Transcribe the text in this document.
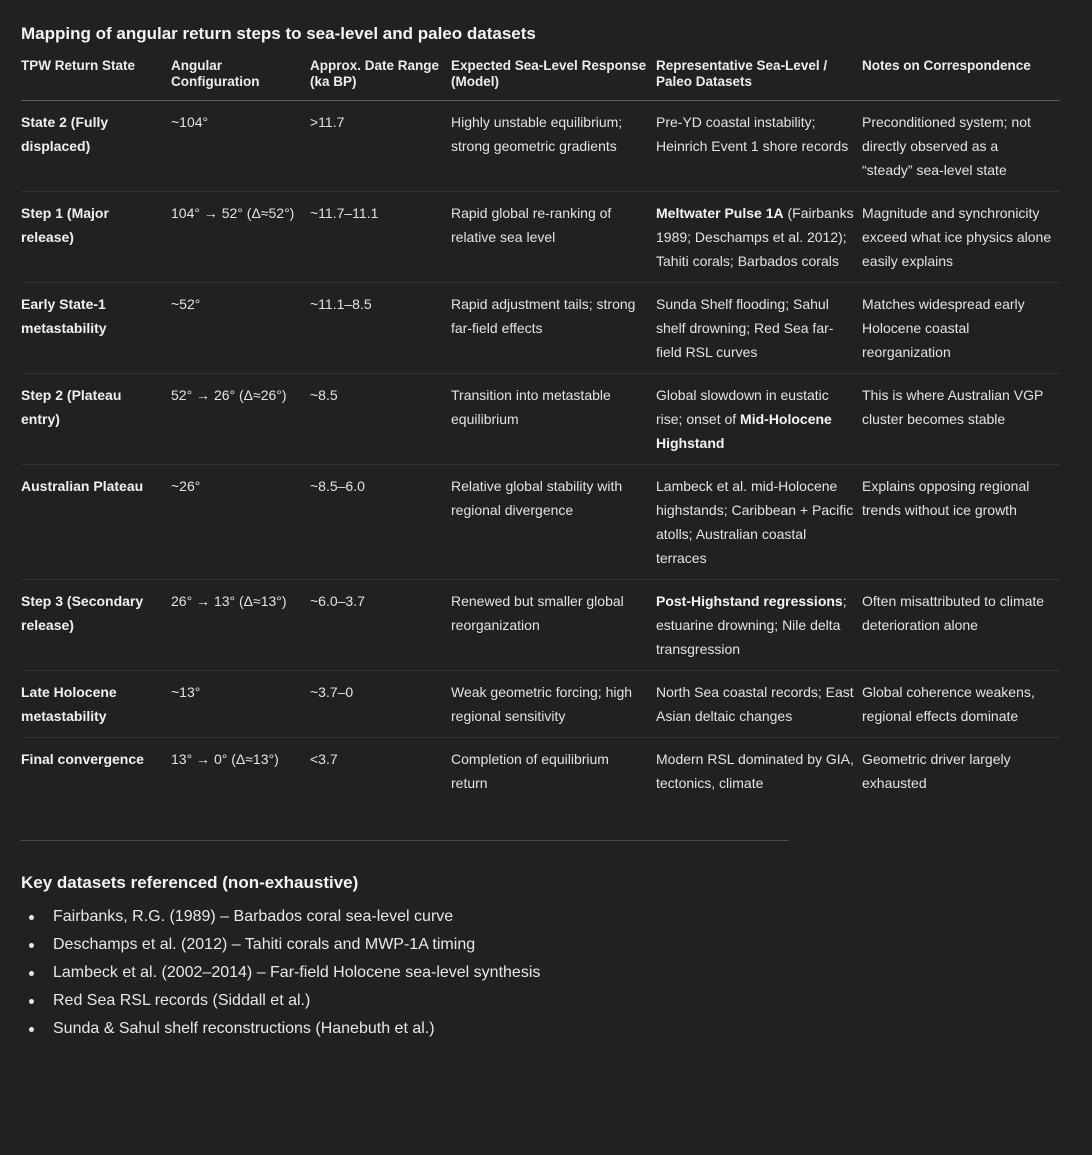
Mapping of angular return steps to sea-level and paleo datasets
TPW Return State	Angular Configuration	Approx. Date Range (ka BP)	Expected Sea-Level Response (Model)	Representative Sea-Level / Paleo Datasets	Notes on Correspondence
State 2 (Fully displaced)	~104°	>11.7	Highly unstable equilibrium; strong geometric gradients	Pre-YD coastal instability; Heinrich Event 1 shore records	Preconditioned system; not directly observed as a “steady” sea-level state
Step 1 (Major release)	104° → 52° (Δ≈52°)	~11.7–11.1	Rapid global re-ranking of relative sea level	Meltwater Pulse 1A (Fairbanks 1989; Deschamps et al. 2012); Tahiti corals; Barbados corals	Magnitude and synchronicity exceed what ice physics alone easily explains
Early State-1 metastability	~52°	~11.1–8.5	Rapid adjustment tails; strong far-field effects	Sunda Shelf flooding; Sahul shelf drowning; Red Sea far-field RSL curves	Matches widespread early Holocene coastal reorganization
Step 2 (Plateau entry)	52° → 26° (Δ≈26°)	~8.5	Transition into metastable equilibrium	Global slowdown in eustatic rise; onset of Mid-Holocene Highstand	This is where Australian VGP cluster becomes stable
Australian Plateau	~26°	~8.5–6.0	Relative global stability with regional divergence	Lambeck et al. mid-Holocene highstands; Caribbean + Pacific atolls; Australian coastal terraces	Explains opposing regional trends without ice growth
Step 3 (Secondary release)	26° → 13° (Δ≈13°)	~6.0–3.7	Renewed but smaller global reorganization	Post-Highstand regressions; estuarine drowning; Nile delta transgression	Often misattributed to climate deterioration alone
Late Holocene metastability	~13°	~3.7–0	Weak geometric forcing; high regional sensitivity	North Sea coastal records; East Asian deltaic changes	Global coherence weakens, regional effects dominate
Final convergence	13° → 0° (Δ≈13°)	<3.7	Completion of equilibrium return	Modern RSL dominated by GIA, tectonics, climate	Geometric driver largely exhausted
Key datasets referenced (non-exhaustive)
Fairbanks, R.G. (1989) – Barbados coral sea-level curve
Deschamps et al. (2012) – Tahiti corals and MWP-1A timing
Lambeck et al. (2002–2014) – Far-field Holocene sea-level synthesis
Red Sea RSL records (Siddall et al.)
Sunda & Sahul shelf reconstructions (Hanebuth et al.)
